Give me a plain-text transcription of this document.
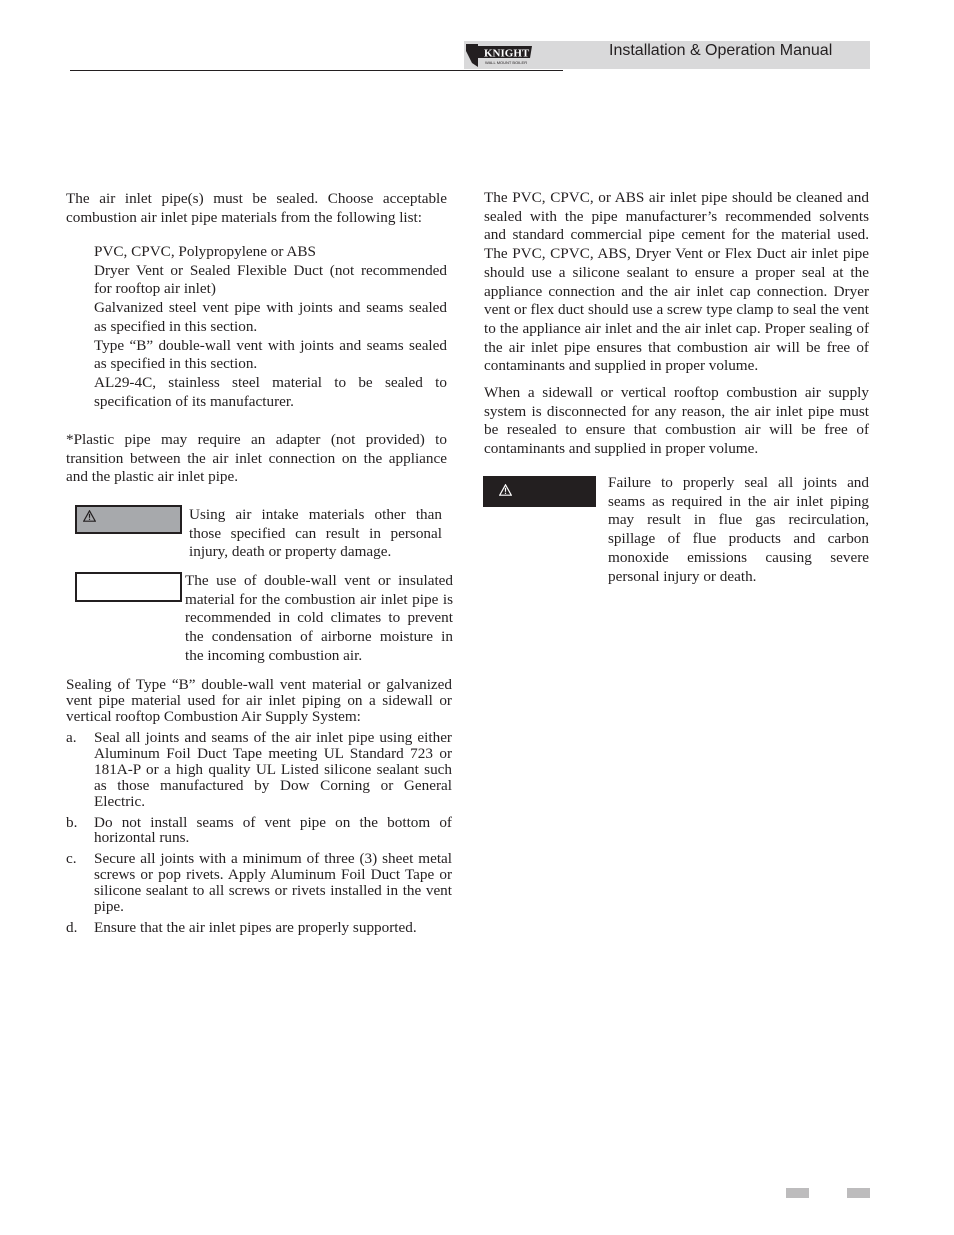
KNIGHT
WALL MOUNT BOILER
Installation & Operation Manual

The air inlet pipe(s) must be sealed. Choose acceptable combustion air inlet pipe materials from the following list:

PVC, CPVC, Polypropylene or ABS

Dryer Vent or Sealed Flexible Duct (not recommended for rooftop air inlet)

Galvanized steel vent pipe with joints and seams sealed as specified in this section.

Type “B” double-wall vent with joints and seams sealed as specified in this section.

AL29-4C, stainless steel material to be sealed to specification of its manufacturer.

*Plastic pipe may require an adapter (not provided) to transition between the air inlet connection on the appliance and the plastic air inlet pipe.

Using air intake materials other than those specified can result in personal injury, death or property damage.

The use of double-wall vent or insulated material for the combustion air inlet pipe is recommended in cold climates to prevent the condensation of airborne moisture in the incoming combustion air.

Sealing of Type “B” double-wall vent material or galvanized vent pipe material used for air inlet piping on a sidewall or vertical rooftop Combustion Air Supply System:

a. Seal all joints and seams of the air inlet pipe using either Aluminum Foil Duct Tape meeting UL Standard 723 or 181A-P or a high quality UL Listed silicone sealant such as those manufactured by Dow Corning or General Electric.
b. Do not install seams of vent pipe on the bottom of horizontal runs.
c. Secure all joints with a minimum of three (3) sheet metal screws or pop rivets. Apply Aluminum Foil Duct Tape or silicone sealant to all screws or rivets installed in the vent pipe.
d. Ensure that the air inlet pipes are properly supported.

The PVC, CPVC, or ABS air inlet pipe should be cleaned and sealed with the pipe manufacturer’s recommended solvents and standard commercial pipe cement for the material used. The PVC, CPVC, ABS, Dryer Vent or Flex Duct air inlet pipe should use a silicone sealant to ensure a proper seal at the appliance connection and the air inlet cap connection. Dryer vent or flex duct should use a screw type clamp to seal the vent to the appliance air inlet and the air inlet cap. Proper sealing of the air inlet pipe ensures that combustion air will be free of contaminants and supplied in proper volume.

When a sidewall or vertical rooftop combustion air supply system is disconnected for any reason, the air inlet pipe must be resealed to ensure that combustion air will be free of contaminants and supplied in proper volume.

Failure to properly seal all joints and seams as required in the air inlet piping may result in flue gas recirculation, spillage of flue products and carbon monoxide emissions causing severe personal injury or death.
